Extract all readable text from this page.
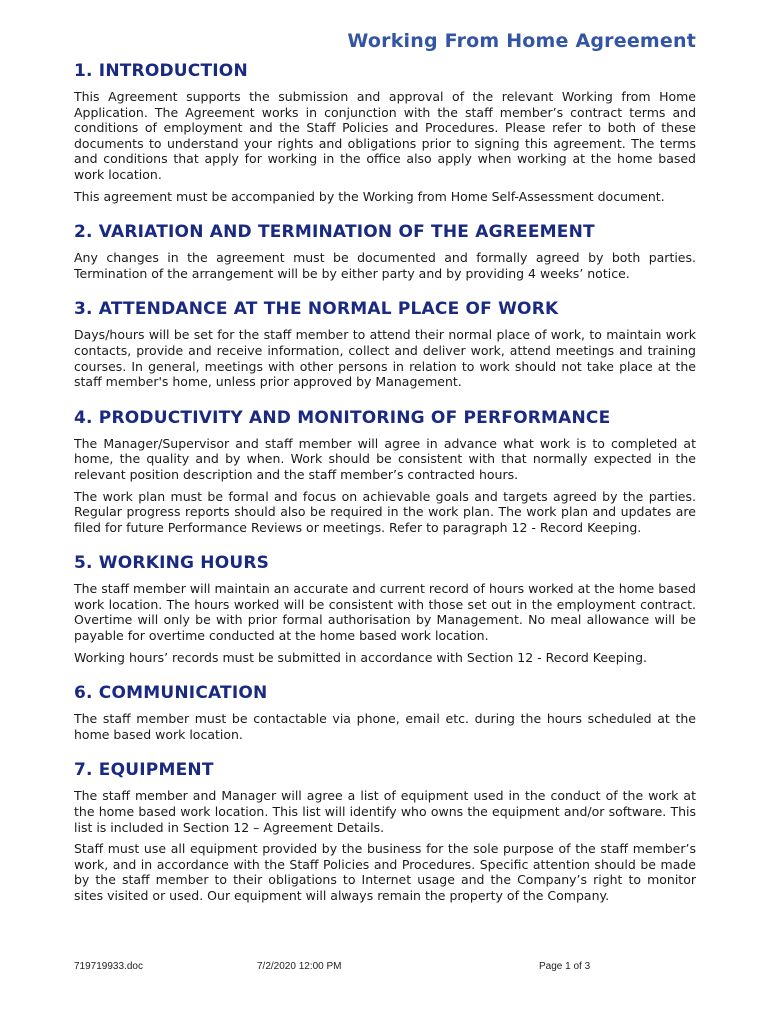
Working From Home Agreement
1. INTRODUCTION

This Agreement supports the submission and approval of the relevant Working from Home Application. The Agreement works in conjunction with the staff member’s contract terms and conditions of employment and the Staff Policies and Procedures. Please refer to both of these documents to understand your rights and obligations prior to signing this agreement. The terms and conditions that apply for working in the office also apply when working at the home based work location.

This agreement must be accompanied by the Working from Home Self-Assessment document.

2. VARIATION AND TERMINATION OF THE AGREEMENT

Any changes in the agreement must be documented and formally agreed by both parties. Termination of the arrangement will be by either party and by providing 4 weeks’ notice.

3. ATTENDANCE AT THE NORMAL PLACE OF WORK

Days/hours will be set for the staff member to attend their normal place of work, to maintain work contacts, provide and receive information, collect and deliver work, attend meetings and training courses. In general, meetings with other persons in relation to work should not take place at the staff member's home, unless prior approved by Management.

4. PRODUCTIVITY AND MONITORING OF PERFORMANCE

The Manager/Supervisor and staff member will agree in advance what work is to completed at home, the quality and by when. Work should be consistent with that normally expected in the relevant position description and the staff member’s contracted hours.

The work plan must be formal and focus on achievable goals and targets agreed by the parties. Regular progress reports should also be required in the work plan. The work plan and updates are filed for future Performance Reviews or meetings. Refer to paragraph 12 - Record Keeping.

5. WORKING HOURS

The staff member will maintain an accurate and current record of hours worked at the home based work location. The hours worked will be consistent with those set out in the employment contract. Overtime will only be with prior formal authorisation by Management. No meal allowance will be payable for overtime conducted at the home based work location.

Working hours’ records must be submitted in accordance with Section 12 - Record Keeping.

6. COMMUNICATION

The staff member must be contactable via phone, email etc. during the hours scheduled at the home based work location.

7. EQUIPMENT

The staff member and Manager will agree a list of equipment used in the conduct of the work at the home based work location. This list will identify who owns the equipment and/or software. This list is included in Section 12 – Agreement Details.

Staff must use all equipment provided by the business for the sole purpose of the staff member’s work, and in accordance with the Staff Policies and Procedures. Specific attention should be made by the staff member to their obligations to Internet usage and the Company’s right to monitor sites visited or used. Our equipment will always remain the property of the Company.

719719933.doc	7/2/2020 12:00 PM	Page 1 of 3
